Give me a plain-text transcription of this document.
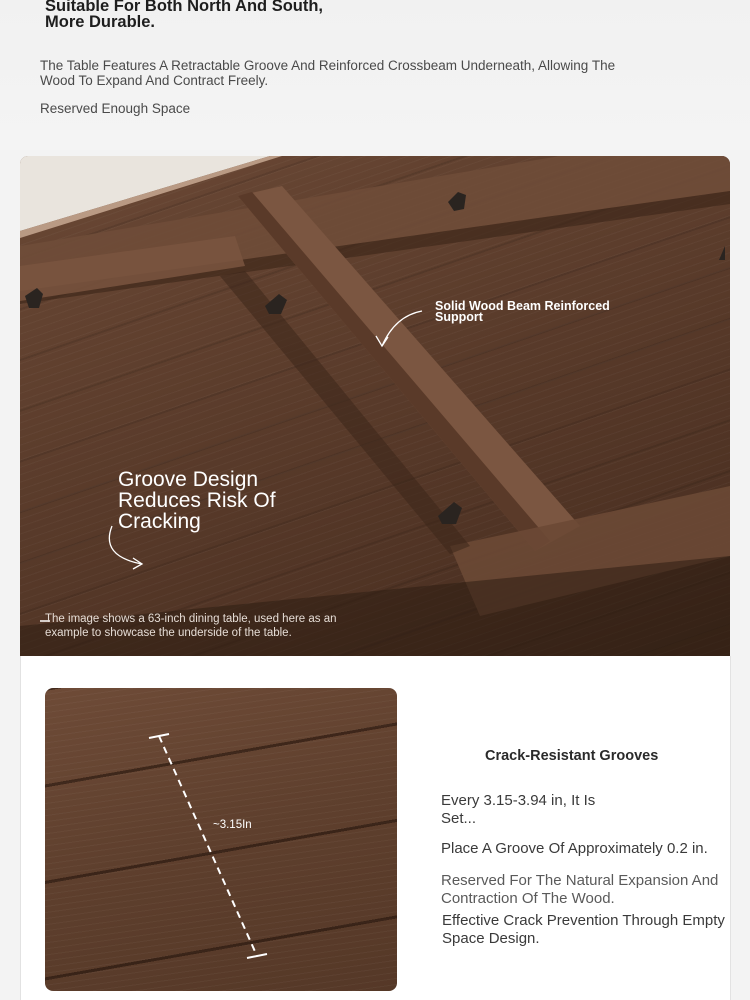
Suitable For Both North And South, More Durable.

The Table Features A Retractable Groove And Reinforced Crossbeam Underneath, Allowing The Wood To Expand And Contract Freely.

Reserved Enough Space

Solid Wood Beam Reinforced Support

Groove Design Reduces Risk Of Cracking

The image shows a 63-inch dining table, used here as an example to showcase the underside of the table.

~3.15In

Crack-Resistant Grooves

Every 3.15-3.94 in, It Is Set...

Place A Groove Of Approximately 0.2 in.

Reserved For The Natural Expansion And Contraction Of The Wood.

Effective Crack Prevention Through Empty Space Design.
